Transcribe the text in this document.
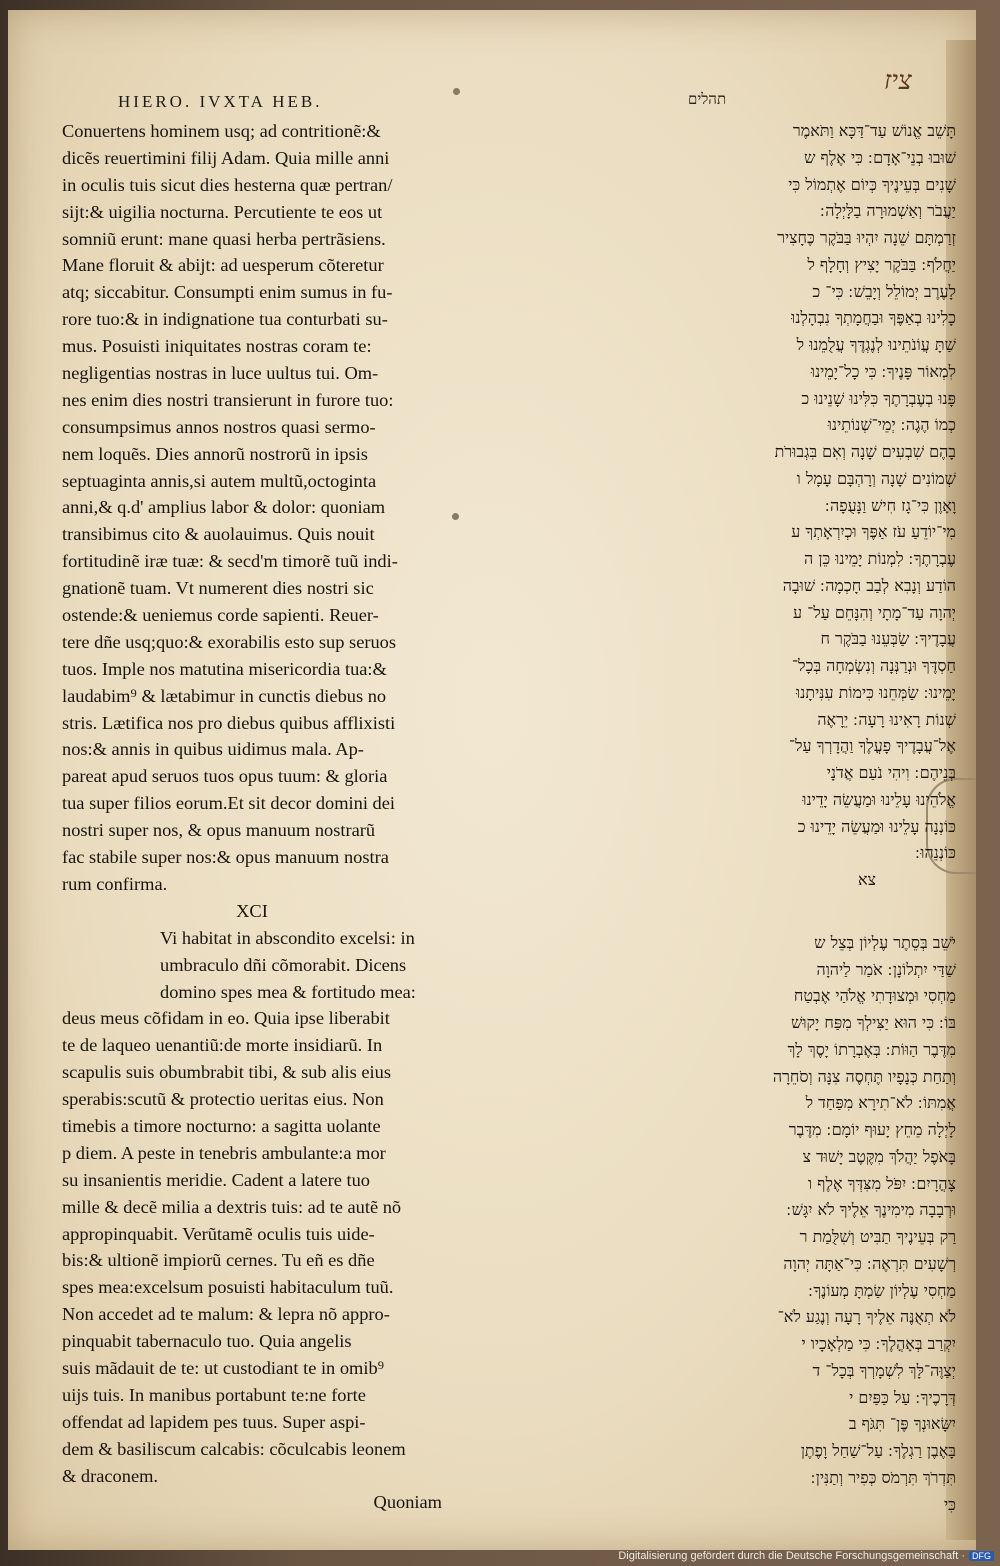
HIERO. IVXTA HEB.	תהלים
ציז
Conuertens hominem usq; ad contritionẽ:&
dicẽs reuertimini filij Adam. Quia mille anni
in oculis tuis sicut dies hesterna quæ pertran/
sijt:& uigilia nocturna. Percutiente te eos ut
somniũ erunt: mane quasi herba pertrãsiens.
Mane floruit & abijt: ad uesperum cõteretur
atq; siccabitur. Consumpti enim sumus in fu-
rore tuo:& in indignatione tua conturbati su-
mus. Posuisti iniquitates nostras coram te:
negligentias nostras in luce uultus tui. Om-
nes enim dies nostri transierunt in furore tuo:
consumpsimus annos nostros quasi sermo-
nem loquẽs. Dies annorũ nostrorũ in ipsis
septuaginta annis,si autem multũ,octoginta
anni,& q.d' amplius labor & dolor: quoniam
transibimus cito & auolauimus. Quis nouit
fortitudinẽ iræ tuæ: & secd'm timorẽ tuũ indi-
gnationẽ tuam. Vt numerent dies nostri sic
ostende:& ueniemus corde sapienti. Reuer-
tere dñe usq;quo:& exorabilis esto sup seruos
tuos. Imple nos matutina misericordia tua:&
laudabim⁹ & lætabimur in cunctis diebus no
stris. Lætifica nos pro diebus quibus afflixisti
nos:& annis in quibus uidimus mala. Ap-
pareat apud seruos tuos opus tuum: & gloria
tua super filios eorum.Et sit decor domini dei
nostri super nos, & opus manuum nostrarũ
fac stabile super nos:& opus manuum nostra
rum confirma.
XCI
Vi habitat in abscondito excelsi: in
umbraculo dñi cõmorabit. Dicens
domino spes mea & fortitudo mea:
deus meus cõfidam in eo. Quia ipse liberabit
te de laqueo uenantiũ:de morte insidiarũ. In
scapulis suis obumbrabit tibi, & sub alis eius
sperabis:scutũ & protectio ueritas eius. Non
timebis a timore nocturno: a sagitta uolante
p diem. A peste in tenebris ambulante:a mor
su insanientis meridie. Cadent a latere tuo
mille & decẽ milia a dextris tuis: ad te autẽ nõ
appropinquabit. Verũtamẽ oculis tuis uide-
bis:& ultionẽ impiorũ cernes. Tu eñ es dñe
spes mea:excelsum posuisti habitaculum tuũ.
Non accedet ad te malum: & lepra nõ appro-
pinquabit tabernaculo tuo. Quia angelis
suis mãdauit de te: ut custodiant te in omib⁹
uijs tuis. In manibus portabunt te:ne forte
offendat ad lapidem pes tuus. Super aspi-
dem & basiliscum calcabis: cõculcabis leonem
& draconem.
Quoniam
תָּשֵׁב אֱנוֹשׁ עַד־דַּכָּא וַתֹּאמֶר
שׁוּבוּ בְנֵי־אָדָם ׃ כִּי אֶלֶף ש
שָׁנִים בְּעֵינֶיךָ כְּיוֹם אֶתְמוֹל כִּי
יַעֲבֹר וְאַשְׁמוּרָה בַלָּיְלָה ׃
זְרַמְתָּם שֵׁנָה יִהְיוּ בַּבֹּקֶר כֶּחָצִיר
יַחֲלֹף ׃ בַּבֹּקֶר יָצִיץ וְחָלָף ל
לָעֶרֶב יְמוֹלֵל וְיָבֵשׁ ׃ כִּי־ כ
כָלִינוּ בְאַפֶּךָ וּבַחֲמָתְךָ נִבְהָלְנוּ
שַׁתָּ עֲוֹנֹתֵינוּ לְנֶגְדֶּךָ עֲלֻמֵנוּ ל
לִמְאוֹר פָּנֶיךָ ׃ כִּי כָל־יָמֵינוּ
פָּנוּ בְעֶבְרָתֶךָ כִּלִּינוּ שָׁנֵינוּ כ
כְמוֹ הֶגֶה ׃ יְמֵי־שְׁנוֹתֵינוּ
בָהֶם שִׁבְעִים שָׁנָה וְאִם בִּגְבוּרֹת
שְׁמוֹנִים שָׁנָה וְרָהְבָּם עָמָל ו
וָאָוֶן כִּי־גָז חִישׁ וַנָּעֻפָה ׃
מִי־יוֹדֵעַ עֹז אַפֶּךָ וּכְיִרְאָתְךָ ע
עֶבְרָתֶךָ ׃ לִמְנוֹת יָמֵינוּ כֵּן ה
הוֹדַע וְנָבִא לְבַב חָכְמָה ׃ שׁוּבָה
יְהוָה עַד־מָתָי וְהִנָּחֵם עַל־ ע
עֲבָדֶיךָ ׃ שַׂבְּעֵנוּ בַבֹּקֶר ח
חַסְדֶּךָ וּנְרַנְּנָה וְנִשְׂמְחָה בְּכָל־
יָמֵינוּ ׃ שַׂמְּחֵנוּ כִּימוֹת עִנִּיתָנוּ
שְׁנוֹת רָאִינוּ רָעָה ׃ יֵרָאֶה
אֶל־עֲבָדֶיךָ פָעֳלֶךָ וַהֲדָרְךָ עַל־
בְּנֵיהֶם ׃ וִיהִי נֹעַם אֲדֹנָי
אֱלֹהֵינוּ עָלֵינוּ וּמַעֲשֵׂה יָדֵינוּ
כּוֹנְנָה עָלֵינוּ וּמַעֲשֵׂה יָדֵינוּ כ
כּוֹנְנֵהוּ ׃
צא
יֹשֵׁב בְּסֵתֶר עֶלְיוֹן בְּצֵל ש
שַׁדַּי יִתְלוֹנָן ׃ אֹמַר לַיהוָה
מַחְסִי וּמְצוּדָתִי אֱלֹהַי אֶבְטַח
בּוֹ ׃ כִּי הוּא יַצִּילְךָ מִפַּח יָקוּשׁ
מִדֶּבֶר הַוּוֹת ׃ בְּאֶבְרָתוֹ יָסֶךְ לָךְ
וְתַחַת כְּנָפָיו תֶּחְסֶה צִנָּה וְסֹחֵרָה
אֲמִתּוֹ ׃ לֹא־תִירָא מִפַּחַד ל
לָיְלָה מֵחֵץ יָעוּף יוֹמָם ׃ מִדֶּבֶר
בָּאֹפֶל יַהֲלֹךְ מִקֶּטֶב יָשׁוּד צ
צָהֳרָיִם ׃ יִפֹּל מִצִּדְּךָ אֶלֶף ו
וּרְבָבָה מִימִינֶךָ אֵלֶיךָ לֹא יִגָּשׁ ׃
רַק בְּעֵינֶיךָ תַבִּיט וְשִׁלֻּמַת ר
רְשָׁעִים תִּרְאֶה ׃ כִּי־אַתָּה יְהוָה
מַחְסִי עֶלְיוֹן שַׂמְתָּ מְעוֹנֶךָ ׃
לֹא תְאֻנֶּה אֵלֶיךָ רָעָה וְנֶגַע לֹא־
יִקְרַב בְּאָהֳלֶךָ ׃ כִּי מַלְאָכָיו י
יְצַוֶּה־לָּךְ לִשְׁמָרְךָ בְּכָל־ ד
דְּרָכֶיךָ ׃ עַל כַּפַּיִם י
יִשָּׂאוּנְךָ פֶּן־ תִּגֹּף ב
בָּאֶבֶן רַגְלֶךָ ׃ עַל־שַׁחַל וָפֶתֶן
תִּדְרֹךְ תִּרְמֹס כְּפִיר וְתַנִּין ׃
כִּי
Digitalisierung gefördert durch die Deutsche Forschungsgemeinschaft · DFG
